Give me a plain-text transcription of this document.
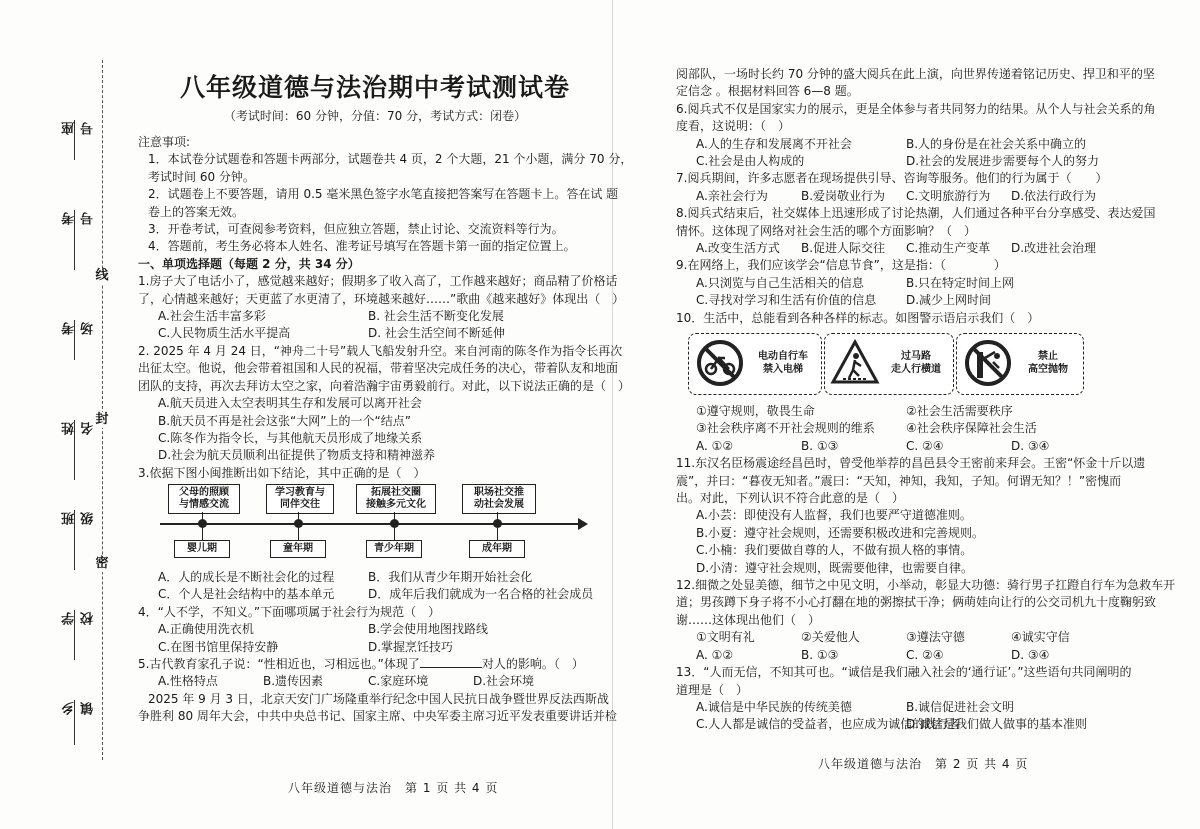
线
封
密
座号
考号
考场
姓名
班级
学校
乡镇
八年级道德与法治期中考试测试卷
（考试时间：60 分钟，分值：70 分，考试方式：闭卷）
注意事项:
1．本试卷分试题卷和答题卡两部分，试题卷共 4 页，2 个大题，21 个小题，满分 70 分，
考试时间 60 分钟。
2．试题卷上不要答题，请用 0.5 毫米黑色签字水笔直接把答案写在答题卡上。答在试 题
卷上的答案无效。
3．开卷考试，可查阅参考资料，但应独立答题，禁止讨论、交流资料等行为。
4．答题前，考生务必将本人姓名、准考证号填写在答题卡第一面的指定位置上。
一、单项选择题（每题 2 分，共 34 分）
1.房子大了电话小了，感觉越来越好；假期多了收入高了，工作越来越好；商品精了价格话
了，心情越来越好；天更蓝了水更清了，环境越来越好……”歌曲《越来越好》体现出（　）
A.社会生活丰富多彩	B. 社会生活不断变化发展
C.人民物质生活水平提高	D. 社会生活空间不断延伸
2. 2025 年 4 月 24 日，“神舟二十号”载人飞船发射升空。来自河南的陈冬作为指令长再次
出征太空。他说，他会带着祖国和人民的祝福，带着坚决完成任务的决心，带着队友和地面
团队的支持，再次去拜访太空之家，向着浩瀚宇宙勇毅前行。对此，以下说法正确的是（　）
A.航天员进入太空表明其生存和发展可以离开社会
B.航天员不再是社会这张“大网”上的一个“结点”
C.陈冬作为指令长，与其他航天员形成了地缘关系
D.社会为航天员顺利出征提供了物质支持和精神滋养
3.依据下图小闽推断出如下结论，其中正确的是（　）
父母的照顾
与情感交流
学习教育与
同伴交往
拓展社交圈
接触多元文化
职场社交推
动社会发展
婴儿期	童年期	青少年期	成年期
A．人的成长是不断社会化的过程	B．我们从青少年期开始社会化
C．个人是社会结构中的基本单元	D．成年后我们就成为一名合格的社会成员
4．“人不学，不知义。”下面哪项属于社会行为规范（　）
A.正确使用洗衣机	B.学会使用地图找路线
C.在图书馆里保持安静	D.掌握烹饪技巧
5.古代教育家孔子说：“性相近也，习相远也。”体现了	对人的影响。（　）
A.性格特点	B.遗传因素	C.家庭环境	D.社会环境
2025 年 9 月 3 日，北京天安门广场隆重举行纪念中国人民抗日战争暨世界反法西斯战
争胜利 80 周年大会，中共中央总书记、国家主席、中央军委主席习近平发表重要讲话并检
八年级道德与法治　第 1 页 共 4 页
阅部队，一场时长约 70 分钟的盛大阅兵在此上演，向世界传递着铭记历史、捍卫和平的坚
定信念 。根据材料回答 6—8 题。
6.阅兵式不仅是国家实力的展示，更是全体参与者共同努力的结果。从个人与社会关系的角
度看，这说明：（　）
A.人的生存和发展离不开社会	B.人的身份是在社会关系中确立的
C.社会是由人构成的	D.社会的发展进步需要每个人的努力
7.阅兵期间，许多志愿者在现场提供引导、咨询等服务。他们的行为属于（　　）
A.亲社会行为	B.爱岗敬业行为	C.文明旅游行为	D.依法行政行为
8.阅兵式结束后，社交媒体上迅速形成了讨论热潮，人们通过各种平台分享感受、表达爱国
情怀。这体现了网络对社会生活的哪个方面影响？（　）
A.改变生活方式	B.促进人际交往	C.推动生产变革	D.改进社会治理
9.在网络上，我们应该学会“信息节食”，这是指：（　　　　）
A.只浏览与自己生活相关的信息	B.只在特定时间上网
C.寻找对学习和生活有价值的信息	D.减少上网时间
10．生活中，总能看到各种各样的标志。如图警示语启示我们（　）
电动自行车
禁入电梯
过马路
走人行横道
禁止
高空抛物
①遵守规则，敬畏生命	②社会生活需要秩序
③社会秩序离不开社会规则的维系	④社会秩序保障社会生活
A. ①②	B. ①③	C. ②④	D. ③④
11.东汉名臣杨震途经昌邑时，曾受他举荐的昌邑县令王密前来拜会。王密“怀金十斤以遗
震”，并曰：“暮夜无知者。”震曰：“天知，神知，我知，子知。何谓无知？！”密愧而
出。对此，下列认识不符合此意的是（　）
A.小芸：即使没有人监督，我们也要严守道德准则。
B.小夏：遵守社会规则，还需要积极改进和完善规则。
C.小楠：我们要做自尊的人，不做有损人格的事情。
D.小清：遵守社会规则，既需要他律，也需要自律。
12.细微之处显美德，细节之中见文明，小举动，彰显大功德：骑行男子扛蹬自行车为急救车开
道；男孩蹲下身子将不小心打翻在地的粥擦拭干净；俩萌娃向让行的公交司机九十度鞠躬致
谢……这体现出他们（　）
①文明有礼	②关爱他人	③遵法守德	④诚实守信
A. ①②	B. ①③	C. ②④	D. ③④
13．“人而无信，不知其可也。“诚信是我们融入社会的‘通行证’。”这些语句共同阐明的
道理是（　）
A.诚信是中华民族的传统美德	B.诚信促进社会文明
C.人人都是诚信的受益者，也应成为诚信的践行者
D.诚信是我们做人做事的基本准则
八年级道德与法治　第 2 页 共 4 页
